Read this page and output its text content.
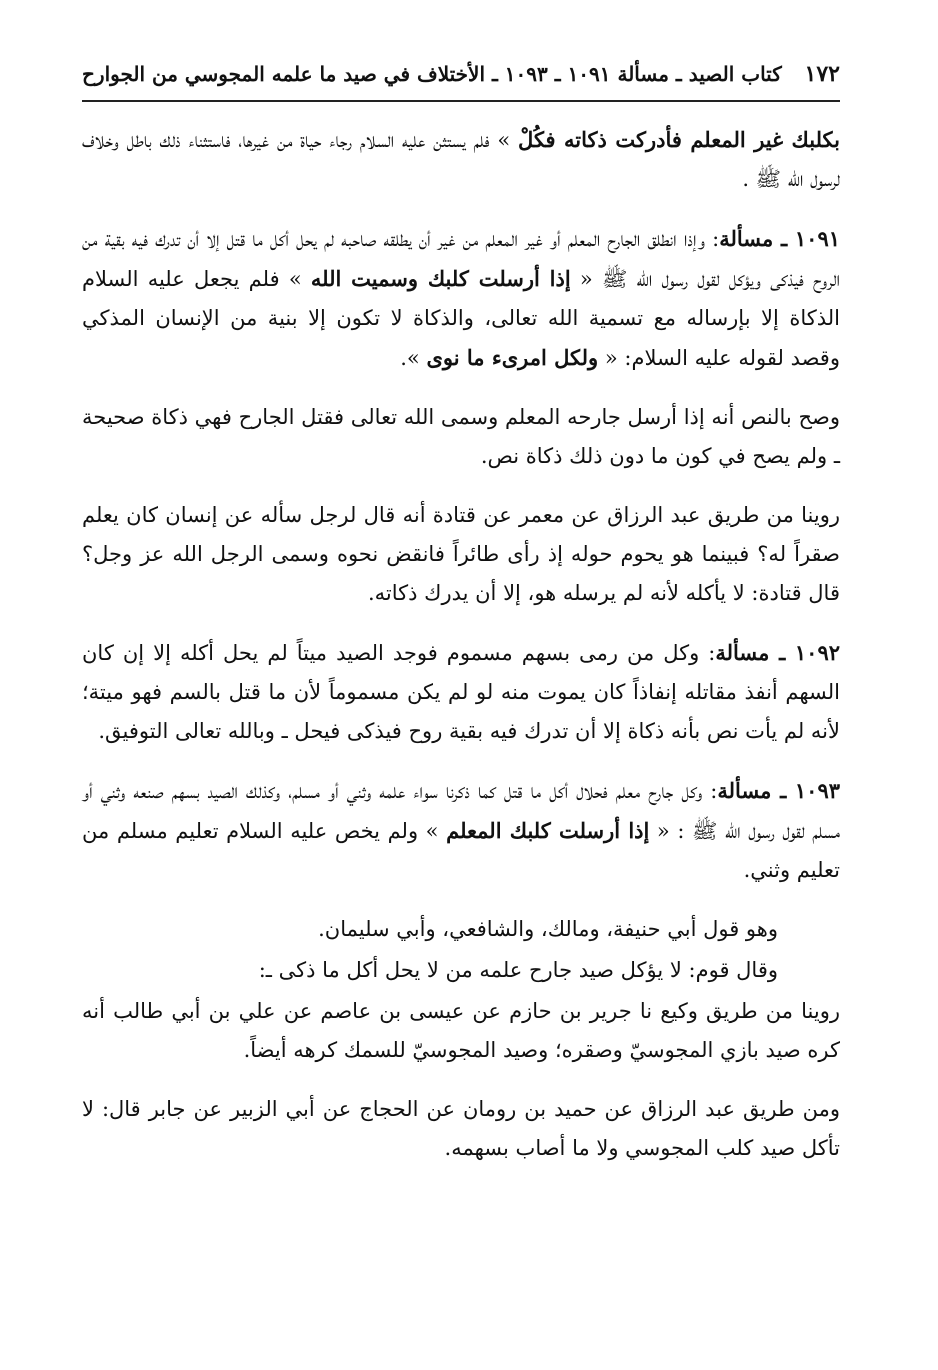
١٧٢
كتاب الصيد ـ مسألة ١٠٩١ ـ ١٠٩٣ ـ الأختلاف في صيد ما علمه المجوسي من الجوارح

بكلبك غير المعلم فأدركت ذكاته فكُلْ » فلم يستثن عليه السلام رجاء حياة من غيرها، فاستثناء ذلك باطل وخلاف لرسول الله ﷺ .

١٠٩١ ـ مسألة: وإذا انطلق الجارح المعلم أو غير المعلم من غير أن يطلقه صاحبه لم يحل أكل ما قتل إلا أن تدرك فيه بقية من الروح فيذكى ويؤكل لقول رسول الله ﷺ « إذا أرسلت كلبك وسميت الله » فلم يجعل عليه السلام الذكاة إلا بإرساله مع تسمية الله تعالى، والذكاة لا تكون إلا بنية من الإنسان المذكي وقصد لقوله عليه السلام: « ولكل امرىء ما نوى ».

وصح بالنص أنه إذا أرسل جارحه المعلم وسمى الله تعالى فقتل الجارح فهي ذكاة صحيحة ـ ولم يصح في كون ما دون ذلك ذكاة نص.

روينا من طريق عبد الرزاق عن معمر عن قتادة أنه قال لرجل سأله عن إنسان كان يعلم صقراً له؟ فبينما هو يحوم حوله إذ رأى طائراً فانقض نحوه وسمى الرجل الله عز وجل؟ قال قتادة: لا يأكله لأنه لم يرسله هو، إلا أن يدرك ذكاته.

١٠٩٢ ـ مسألة: وكل من رمى بسهم مسموم فوجد الصيد ميتاً لم يحل أكله إلا إن كان السهم أنفذ مقاتله إنفاذاً كان يموت منه لو لم يكن مسموماً لأن ما قتل بالسم فهو ميتة؛ لأنه لم يأت نص بأنه ذكاة إلا أن تدرك فيه بقية روح فيذكى فيحل ـ وبالله تعالى التوفيق.

١٠٩٣ ـ مسألة: وكل جارح معلم فحلال أكل ما قتل كما ذكرنا سواء علمه وثني أو مسلم، وكذلك الصيد بسهم صنعه وثني أو مسلم لقول رسول الله ﷺ : « إذا أرسلت كلبك المعلم » ولم يخص عليه السلام تعليم مسلم من تعليم وثني.

وهو قول أبي حنيفة، ومالك، والشافعي، وأبي سليمان.

وقال قوم: لا يؤكل صيد جارح علمه من لا يحل أكل ما ذكى ـ:

روينا من طريق وكيع نا جرير بن حازم عن عيسى بن عاصم عن علي بن أبي طالب أنه كره صيد بازي المجوسيّ وصقره؛ وصيد المجوسيّ للسمك كرهه أيضاً.

ومن طريق عبد الرزاق عن حميد بن رومان عن الحجاج عن أبي الزبير عن جابر قال: لا تأكل صيد كلب المجوسي ولا ما أصاب بسهمه.
